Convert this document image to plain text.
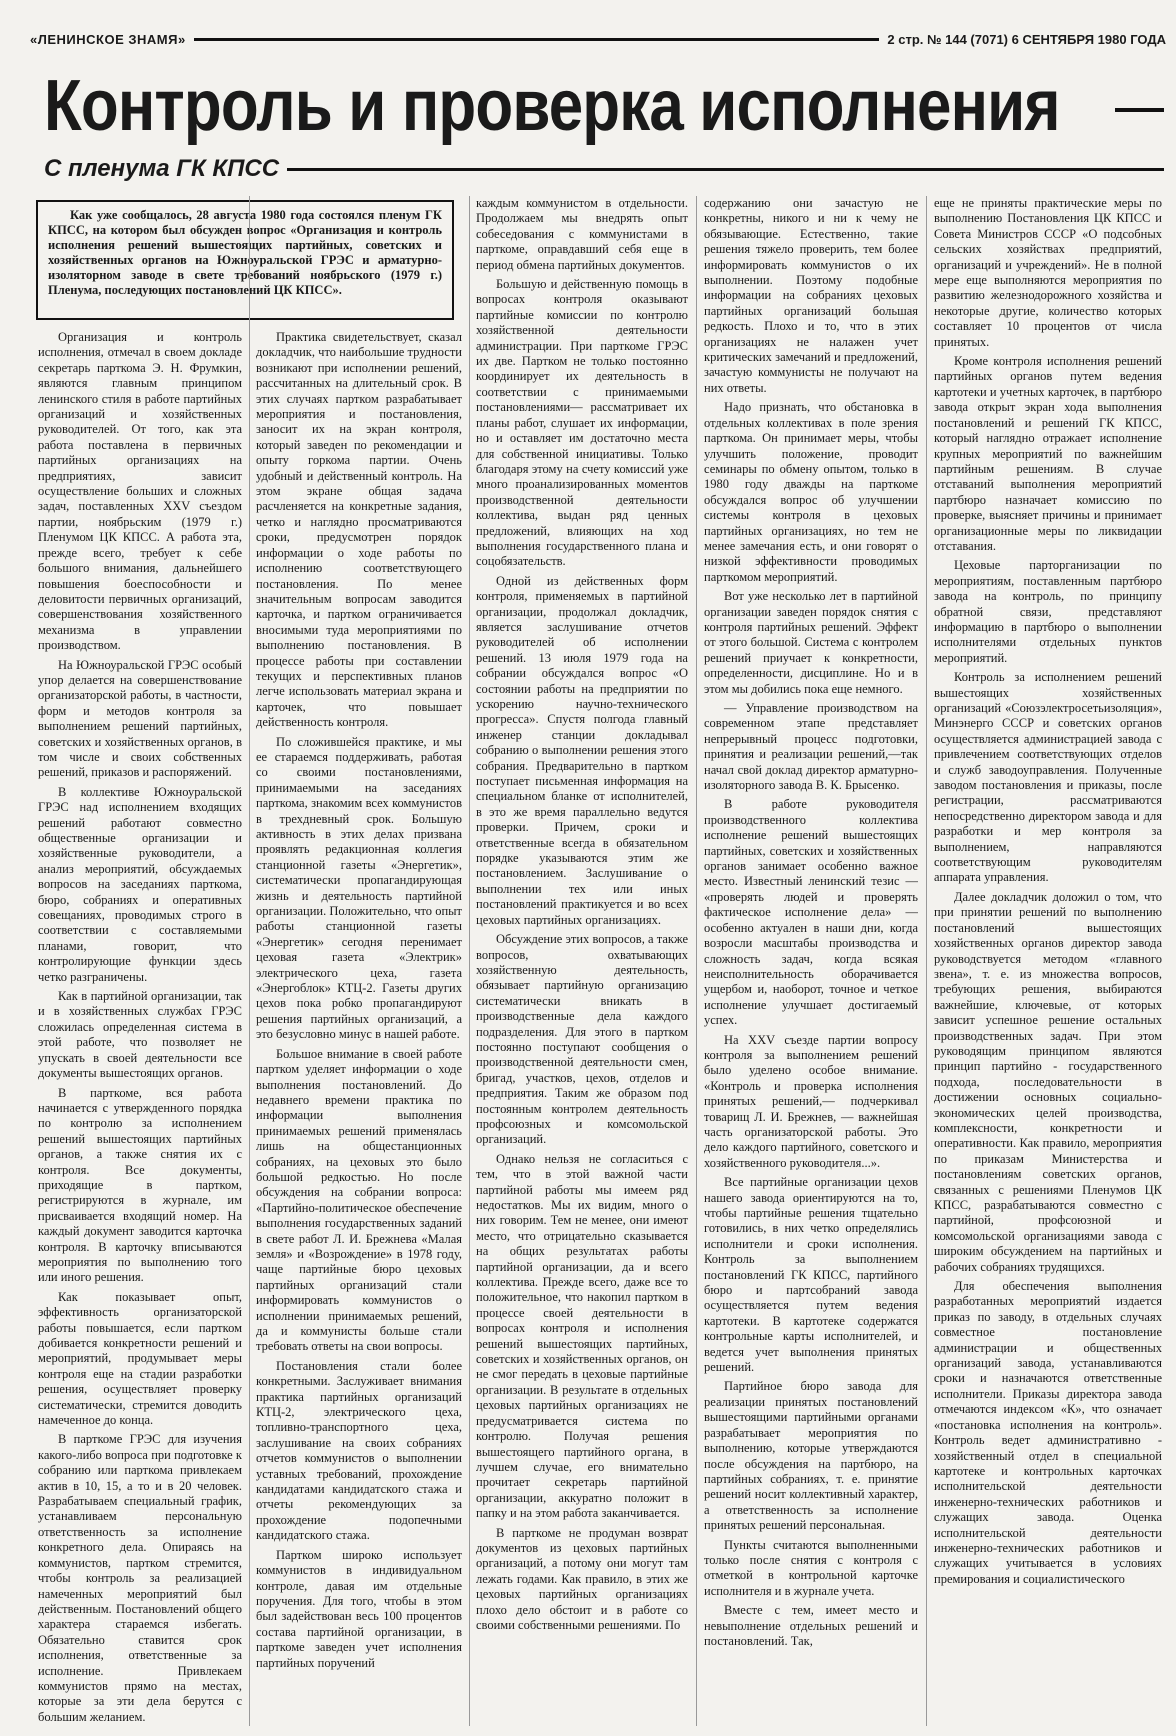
«ЛЕНИНСКОЕ ЗНАМЯ»	2 стр. № 144 (7071) 6 СЕНТЯБРЯ 1980 ГОДА
Контроль и проверка исполнения
С пленума ГК КПСС
Как уже сообщалось, 28 августа 1980 года состоялся пленум ГК КПСС, на котором был обсужден вопрос «Организация и контроль исполнения решений вышестоящих партийных, советских и хозяйственных органов на Южноуральской ГРЭС и арматурно-изоляторном заводе в свете требований ноябрьского (1979 г.) Пленума, последующих постановлений ЦК КПСС».

Организация и контроль исполнения, отмечал в своем докладе секретарь парткома Э. Н. Фрумкин, являются главным принципом ленинского стиля в работе партийных организаций и хозяйственных руководителей. От того, как эта работа поставлена в первичных партийных организациях на предприятиях, зависит осуществление больших и сложных задач, поставленных XXV съездом партии, ноябрьским (1979 г.) Пленумом ЦК КПСС. А работа эта, прежде всего, требует к себе большого внимания, дальнейшего повышения боеспособности и деловитости первичных организаций, совершенствования хозяйственного механизма в управлении производством.

На Южноуральской ГРЭС особый упор делается на совершенствование организаторской работы, в частности, форм и методов контроля за выполнением решений партийных, советских и хозяйственных органов, в том числе и своих собственных решений, приказов и распоряжений.

В коллективе Южноуральской ГРЭС над исполнением входящих решений работают совместно общественные организации и хозяйственные руководители, а анализ мероприятий, обсуждаемых вопросов на заседаниях парткома, бюро, собраниях и оперативных совещаниях, проводимых строго в соответствии с составляемыми планами, говорит, что контролирующие функции здесь четко разграничены.

Как в партийной организации, так и в хозяйственных службах ГРЭС сложилась определенная система в этой работе, что позволяет не упускать в своей деятельности все документы вышестоящих органов.

В парткоме, вся работа начинается с утвержденного порядка по контролю за исполнением решений вышестоящих партийных органов, а также снятия их с контроля. Все документы, приходящие в партком, регистрируются в журнале, им присваивается входящий номер. На каждый документ заводится карточка контроля. В карточку вписываются мероприятия по выполнению того или иного решения.

Как показывает опыт, эффективность организаторской работы повышается, если партком добивается конкретности решений и мероприятий, продумывает меры контроля еще на стадии разработки решения, осуществляет проверку систематически, стремится доводить намеченное до конца.

В парткоме ГРЭС для изучения какого-либо вопроса при подготовке к собранию или парткома привлекаем актив в 10, 15, а то и в 20 человек. Разрабатываем специальный график, устанавливаем персональную ответственность за исполнение конкретного дела. Опираясь на коммунистов, партком стремится, чтобы контроль за реализацией намеченных мероприятий был действенным. Постановлений общего характера стараемся избегать. Обязательно ставится срок исполнения, ответственные за исполнение. Привлекаем коммунистов прямо на местах, которые за эти дела берутся с большим желанием.

Практика свидетельствует, сказал докладчик, что наибольшие трудности возникают при исполнении решений, рассчитанных на длительный срок. В этих случаях партком разрабатывает мероприятия и постановления, заносит их на экран контроля, который заведен по рекомендации и опыту горкома партии. Очень удобный и действенный контроль. На этом экране общая задача расчленяется на конкретные задания, четко и наглядно просматриваются сроки, предусмотрен порядок информации о ходе работы по исполнению соответствующего постановления. По менее значительным вопросам заводится карточка, и партком ограничивается вносимыми туда мероприятиями по выполнению постановления. В процессе работы при составлении текущих и перспективных планов легче использовать материал экрана и карточек, что повышает действенность контроля.

По сложившейся практике, и мы ее стараемся поддерживать, работая со своими постановлениями, принимаемыми на заседаниях парткома, знакомим всех коммунистов в трехдневный срок. Большую активность в этих делах призвана проявлять редакционная коллегия станционной газеты «Энергетик», систематически пропагандирующая жизнь и деятельность партийной организации. Положительно, что опыт работы станционной газеты «Энергетик» сегодня перенимает цеховая газета «Электрик» электрического цеха, газета «Энергоблок» КТЦ-2. Газеты других цехов пока робко пропагандируют решения партийных организаций, а это безусловно минус в нашей работе.

Большое внимание в своей работе партком уделяет информации о ходе выполнения постановлений. До недавнего времени практика по информации выполнения принимаемых решений применялась лишь на общестанционных собраниях, на цеховых это было большой редкостью. Но после обсуждения на собрании вопроса: «Партийно-политическое обеспечение выполнения государственных заданий в свете работ Л. И. Брежнева «Малая земля» и «Возрождение» в 1978 году, чаще партийные бюро цеховых партийных организаций стали информировать коммунистов о исполнении принимаемых решений, да и коммунисты больше стали требовать ответы на свои вопросы.

Постановления стали более конкретными. Заслуживает внимания практика партийных организаций КТЦ-2, электрического цеха, топливно-транспортного цеха, заслушивание на своих собраниях отчетов коммунистов о выполнении уставных требований, прохождение кандидатами кандидатского стажа и отчеты рекомендующих за прохождение подопечными кандидатского стажа.

Партком широко использует коммунистов в индивидуальном контроле, давая им отдельные поручения. Для того, чтобы в этом был задействован весь 100 процентов состава партийной организации, в парткоме заведен учет исполнения партийных поручений

каждым коммунистом в отдельности. Продолжаем мы внедрять опыт собеседования с коммунистами в парткоме, оправдавший себя еще в период обмена партийных документов.

Большую и действенную помощь в вопросах контроля оказывают партийные комиссии по контролю хозяйственной деятельности администрации. При парткоме ГРЭС их две. Партком не только постоянно координирует их деятельность в соответствии с принимаемыми постановлениями— рассматривает их планы работ, слушает их информации, но и оставляет им достаточно места для собственной инициативы. Только благодаря этому на счету комиссий уже много проанализированных моментов производственной деятельности коллектива, выдан ряд ценных предложений, влияющих на ход выполнения государственного плана и соцобязательств.

Одной из действенных форм контроля, применяемых в партийной организации, продолжал докладчик, является заслушивание отчетов руководителей об исполнении решений. 13 июля 1979 года на собрании обсуждался вопрос «О состоянии работы на предприятии по ускорению научно-технического прогресса». Спустя полгода главный инженер станции докладывал собранию о выполнении решения этого собрания. Предварительно в партком поступает письменная информация на специальном бланке от исполнителей, в это же время параллельно ведутся проверки. Причем, сроки и ответственные всегда в обязательном порядке указываются этим же постановлением. Заслушивание о выполнении тех или иных постановлений практикуется и во всех цеховых партийных организациях.

Обсуждение этих вопросов, а также вопросов, охватывающих хозяйственную деятельность, обязывает партийную организацию систематически вникать в производственные дела каждого подразделения. Для этого в партком постоянно поступают сообщения о производственной деятельности смен, бригад, участков, цехов, отделов и предприятия. Таким же образом под постоянным контролем деятельность профсоюзных и комсомольской организаций.

Однако нельзя не согласиться с тем, что в этой важной части партийной работы мы имеем ряд недостатков. Мы их видим, много о них говорим. Тем не менее, они имеют место, что отрицательно сказывается на общих результатах работы партийной организации, да и всего коллектива. Прежде всего, даже все то положительное, что накопил партком в процессе своей деятельности в вопросах контроля и исполнения решений вышестоящих партийных, советских и хозяйственных органов, он не смог передать в цеховые партийные организации. В результате в отдельных цеховых партийных организациях не предусматривается система по контролю. Получая решения вышестоящего партийного органа, в лучшем случае, его внимательно прочитает секретарь партийной организации, аккуратно положит в папку и на этом работа заканчивается.

В парткоме не продуман возврат документов из цеховых партийных организаций, а потому они могут там лежать годами. Как правило, в этих же цеховых партийных организациях плохо дело обстоит и в работе со своими собственными решениями. По

содержанию они зачастую не конкретны, никого и ни к чему не обязывающие. Естественно, такие решения тяжело проверить, тем более информировать коммунистов о их выполнении. Поэтому подобные информации на собраниях цеховых партийных организаций большая редкость. Плохо и то, что в этих организациях не налажен учет критических замечаний и предложений, зачастую коммунисты не получают на них ответы.

Надо признать, что обстановка в отдельных коллективах в поле зрения парткома. Он принимает меры, чтобы улучшить положение, проводит семинары по обмену опытом, только в 1980 году дважды на парткоме обсуждался вопрос об улучшении системы контроля в цеховых партийных организациях, но тем не менее замечания есть, и они говорят о низкой эффективности проводимых парткомом мероприятий.

Вот уже несколько лет в партийной организации заведен порядок снятия с контроля партийных решений. Эффект от этого большой. Система с контролем решений приучает к конкретности, определенности, дисциплине. Но и в этом мы добились пока еще немного.

— Управление производством на современном этапе представляет непрерывный процесс подготовки, принятия и реализации решений,—так начал свой доклад директор арматурно-изоляторного завода В. К. Брысенко.

В работе руководителя производственного коллектива исполнение решений вышестоящих партийных, советских и хозяйственных органов занимает особенно важное место. Известный ленинский тезис — «проверять людей и проверять фактическое исполнение дела» — особенно актуален в наши дни, когда возросли масштабы производства и сложность задач, когда всякая неисполнительность оборачивается ущербом и, наоборот, точное и четкое исполнение улучшает достигаемый успех.

На XXV съезде партии вопросу контроля за выполнением решений было уделено особое внимание. «Контроль и проверка исполнения принятых решений,— подчеркивал товарищ Л. И. Брежнев, — важнейшая часть организаторской работы. Это дело каждого партийного, советского и хозяйственного руководителя...».

Все партийные организации цехов нашего завода ориентируются на то, чтобы партийные решения тщательно готовились, в них четко определялись исполнители и сроки исполнения. Контроль за выполнением постановлений ГК КПСС, партийного бюро и партсобраний завода осуществляется путем ведения картотеки. В картотеке содержатся контрольные карты исполнителей, и ведется учет выполнения принятых решений.

Партийное бюро завода для реализации принятых постановлений вышестоящими партийными органами разрабатывает мероприятия по выполнению, которые утверждаются после обсуждения на партбюро, на партийных собраниях, т. е. принятие решений носит коллективный характер, а ответственность за исполнение принятых решений персональная.

Пункты считаются выполненными только после снятия с контроля с отметкой в контрольной карточке исполнителя и в журнале учета.

Вместе с тем, имеет место и невыполнение отдельных решений и постановлений. Так,

еще не приняты практические меры по выполнению Постановления ЦК КПСС и Совета Министров СССР «О подсобных сельских хозяйствах предприятий, организаций и учреждений». Не в полной мере еще выполняются мероприятия по развитию железнодорожного хозяйства и некоторые другие, количество которых составляет 10 процентов от числа принятых.

Кроме контроля исполнения решений партийных органов путем ведения картотеки и учетных карточек, в партбюро завода открыт экран хода выполнения постановлений и решений ГК КПСС, который наглядно отражает исполнение крупных мероприятий по важнейшим партийным решениям. В случае отставаний выполнения мероприятий партбюро назначает комиссию по проверке, выясняет причины и принимает организационные меры по ликвидации отставания.

Цеховые парторганизации по мероприятиям, поставленным партбюро завода на контроль, по принципу обратной связи, представляют информацию в партбюро о выполнении исполнителями отдельных пунктов мероприятий.

Контроль за исполнением решений вышестоящих хозяйственных организаций «Союзэлектросетьизоляция», Минэнерго СССР и советских органов осуществляется администрацией завода с привлечением соответствующих отделов и служб заводоуправления. Полученные заводом постановления и приказы, после регистрации, рассматриваются непосредственно директором завода и для разработки и мер контроля за выполнением, направляются соответствующим руководителям аппарата управления.

Далее докладчик доложил о том, что при принятии решений по выполнению постановлений вышестоящих хозяйственных органов директор завода руководствуется методом «главного звена», т. е. из множества вопросов, требующих решения, выбираются важнейшие, ключевые, от которых зависит успешное решение остальных производственных задач. При этом руководящим принципом являются принцип партийно - государственного подхода, последовательности в достижении основных социально-экономических целей производства, комплексности, конкретности и оперативности. Как правило, мероприятия по приказам Министерства и постановлениям советских органов, связанных с решениями Пленумов ЦК КПСС, разрабатываются совместно с партийной, профсоюзной и комсомольской организациями завода с широким обсуждением на партийных и рабочих собраниях трудящихся.

Для обеспечения выполнения разработанных мероприятий издается приказ по заводу, в отдельных случаях совместное постановление администрации и общественных организаций завода, устанавливаются сроки и назначаются ответственные исполнители. Приказы директора завода отмечаются индексом «К», что означает «постановка исполнения на контроль». Контроль ведет административно - хозяйственный отдел в специальной картотеке и контрольных карточках исполнительской деятельности инженерно-технических работников и служащих завода. Оценка исполнительской деятельности инженерно-технических работников и служащих учитывается в условиях премирования и социалистического
